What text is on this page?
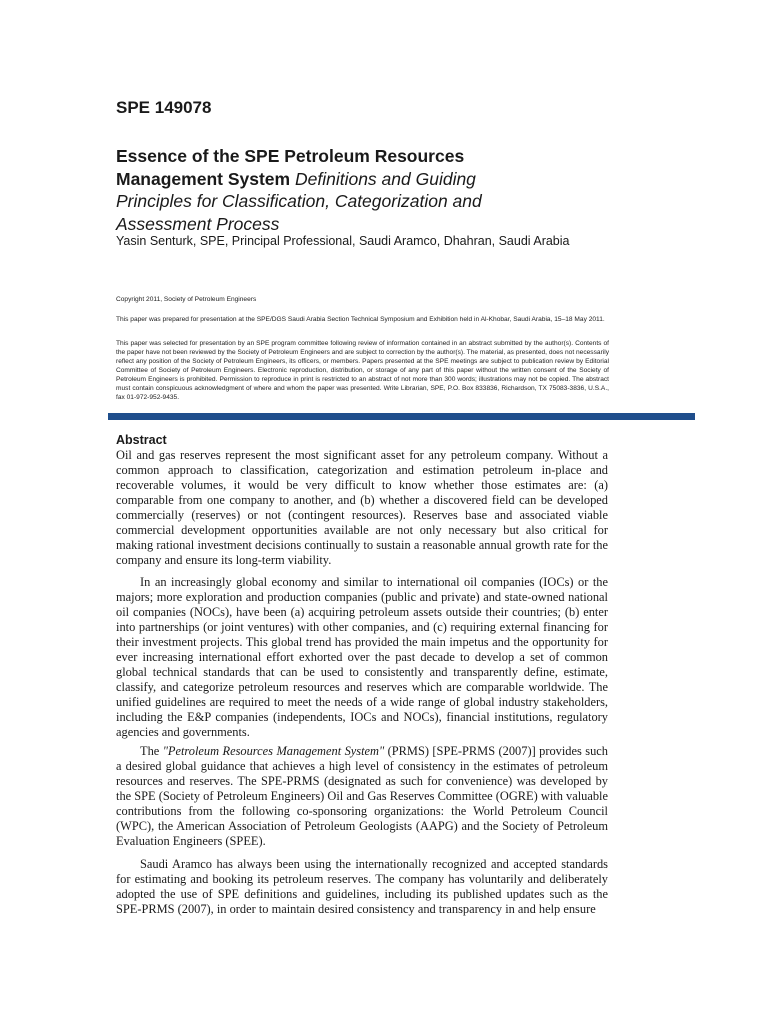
SPE 149078

Essence of the SPE Petroleum Resources Management System Definitions and Guiding Principles for Classification, Categorization and Assessment Process

Yasin Senturk, SPE, Principal Professional, Saudi Aramco, Dhahran, Saudi Arabia

Copyright 2011, Society of Petroleum Engineers

This paper was prepared for presentation at the SPE/DGS Saudi Arabia Section Technical Symposium and Exhibition held in Al-Khobar, Saudi Arabia, 15–18 May 2011.

This paper was selected for presentation by an SPE program committee following review of information contained in an abstract submitted by the author(s). Contents of the paper have not been reviewed by the Society of Petroleum Engineers and are subject to correction by the author(s). The material, as presented, does not necessarily reflect any position of the Society of Petroleum Engineers, its officers, or members. Papers presented at the SPE meetings are subject to publication review by Editorial Committee of Society of Petroleum Engineers. Electronic reproduction, distribution, or storage of any part of this paper without the written consent of the Society of Petroleum Engineers is prohibited. Permission to reproduce in print is restricted to an abstract of not more than 300 words; illustrations may not be copied. The abstract must contain conspicuous acknowledgment of where and whom the paper was presented. Write Librarian, SPE, P.O. Box 833836, Richardson, TX 75083-3836, U.S.A., fax 01-972-952-9435.

Abstract

Oil and gas reserves represent the most significant asset for any petroleum company. Without a common approach to classification, categorization and estimation petroleum in-place and recoverable volumes, it would be very difficult to know whether those estimates are: (a) comparable from one company to another, and (b) whether a discovered field can be developed commercially (reserves) or not (contingent resources). Reserves base and associated viable commercial development opportunities available are not only necessary but also critical for making rational investment decisions continually to sustain a reasonable annual growth rate for the company and ensure its long-term viability.

In an increasingly global economy and similar to international oil companies (IOCs) or the majors; more exploration and production companies (public and private) and state-owned national oil companies (NOCs), have been (a) acquiring petroleum assets outside their countries; (b) enter into partnerships (or joint ventures) with other companies, and (c) requiring external financing for their investment projects. This global trend has provided the main impetus and the opportunity for ever increasing international effort exhorted over the past decade to develop a set of common global technical standards that can be used to consistently and transparently define, estimate, classify, and categorize petroleum resources and reserves which are comparable worldwide. The unified guidelines are required to meet the needs of a wide range of global industry stakeholders, including the E&P companies (independents, IOCs and NOCs), financial institutions, regulatory agencies and governments.

The "Petroleum Resources Management System" (PRMS) [SPE-PRMS (2007)] provides such a desired global guidance that achieves a high level of consistency in the estimates of petroleum resources and reserves. The SPE-PRMS (designated as such for convenience) was developed by the SPE (Society of Petroleum Engineers) Oil and Gas Reserves Committee (OGRE) with valuable contributions from the following co-sponsoring organizations: the World Petroleum Council (WPC), the American Association of Petroleum Geologists (AAPG) and the Society of Petroleum Evaluation Engineers (SPEE).

Saudi Aramco has always been using the internationally recognized and accepted standards for estimating and booking its petroleum reserves. The company has voluntarily and deliberately adopted the use of SPE definitions and guidelines, including its published updates such as the SPE-PRMS (2007), in order to maintain desired consistency and transparency in and help ensure
